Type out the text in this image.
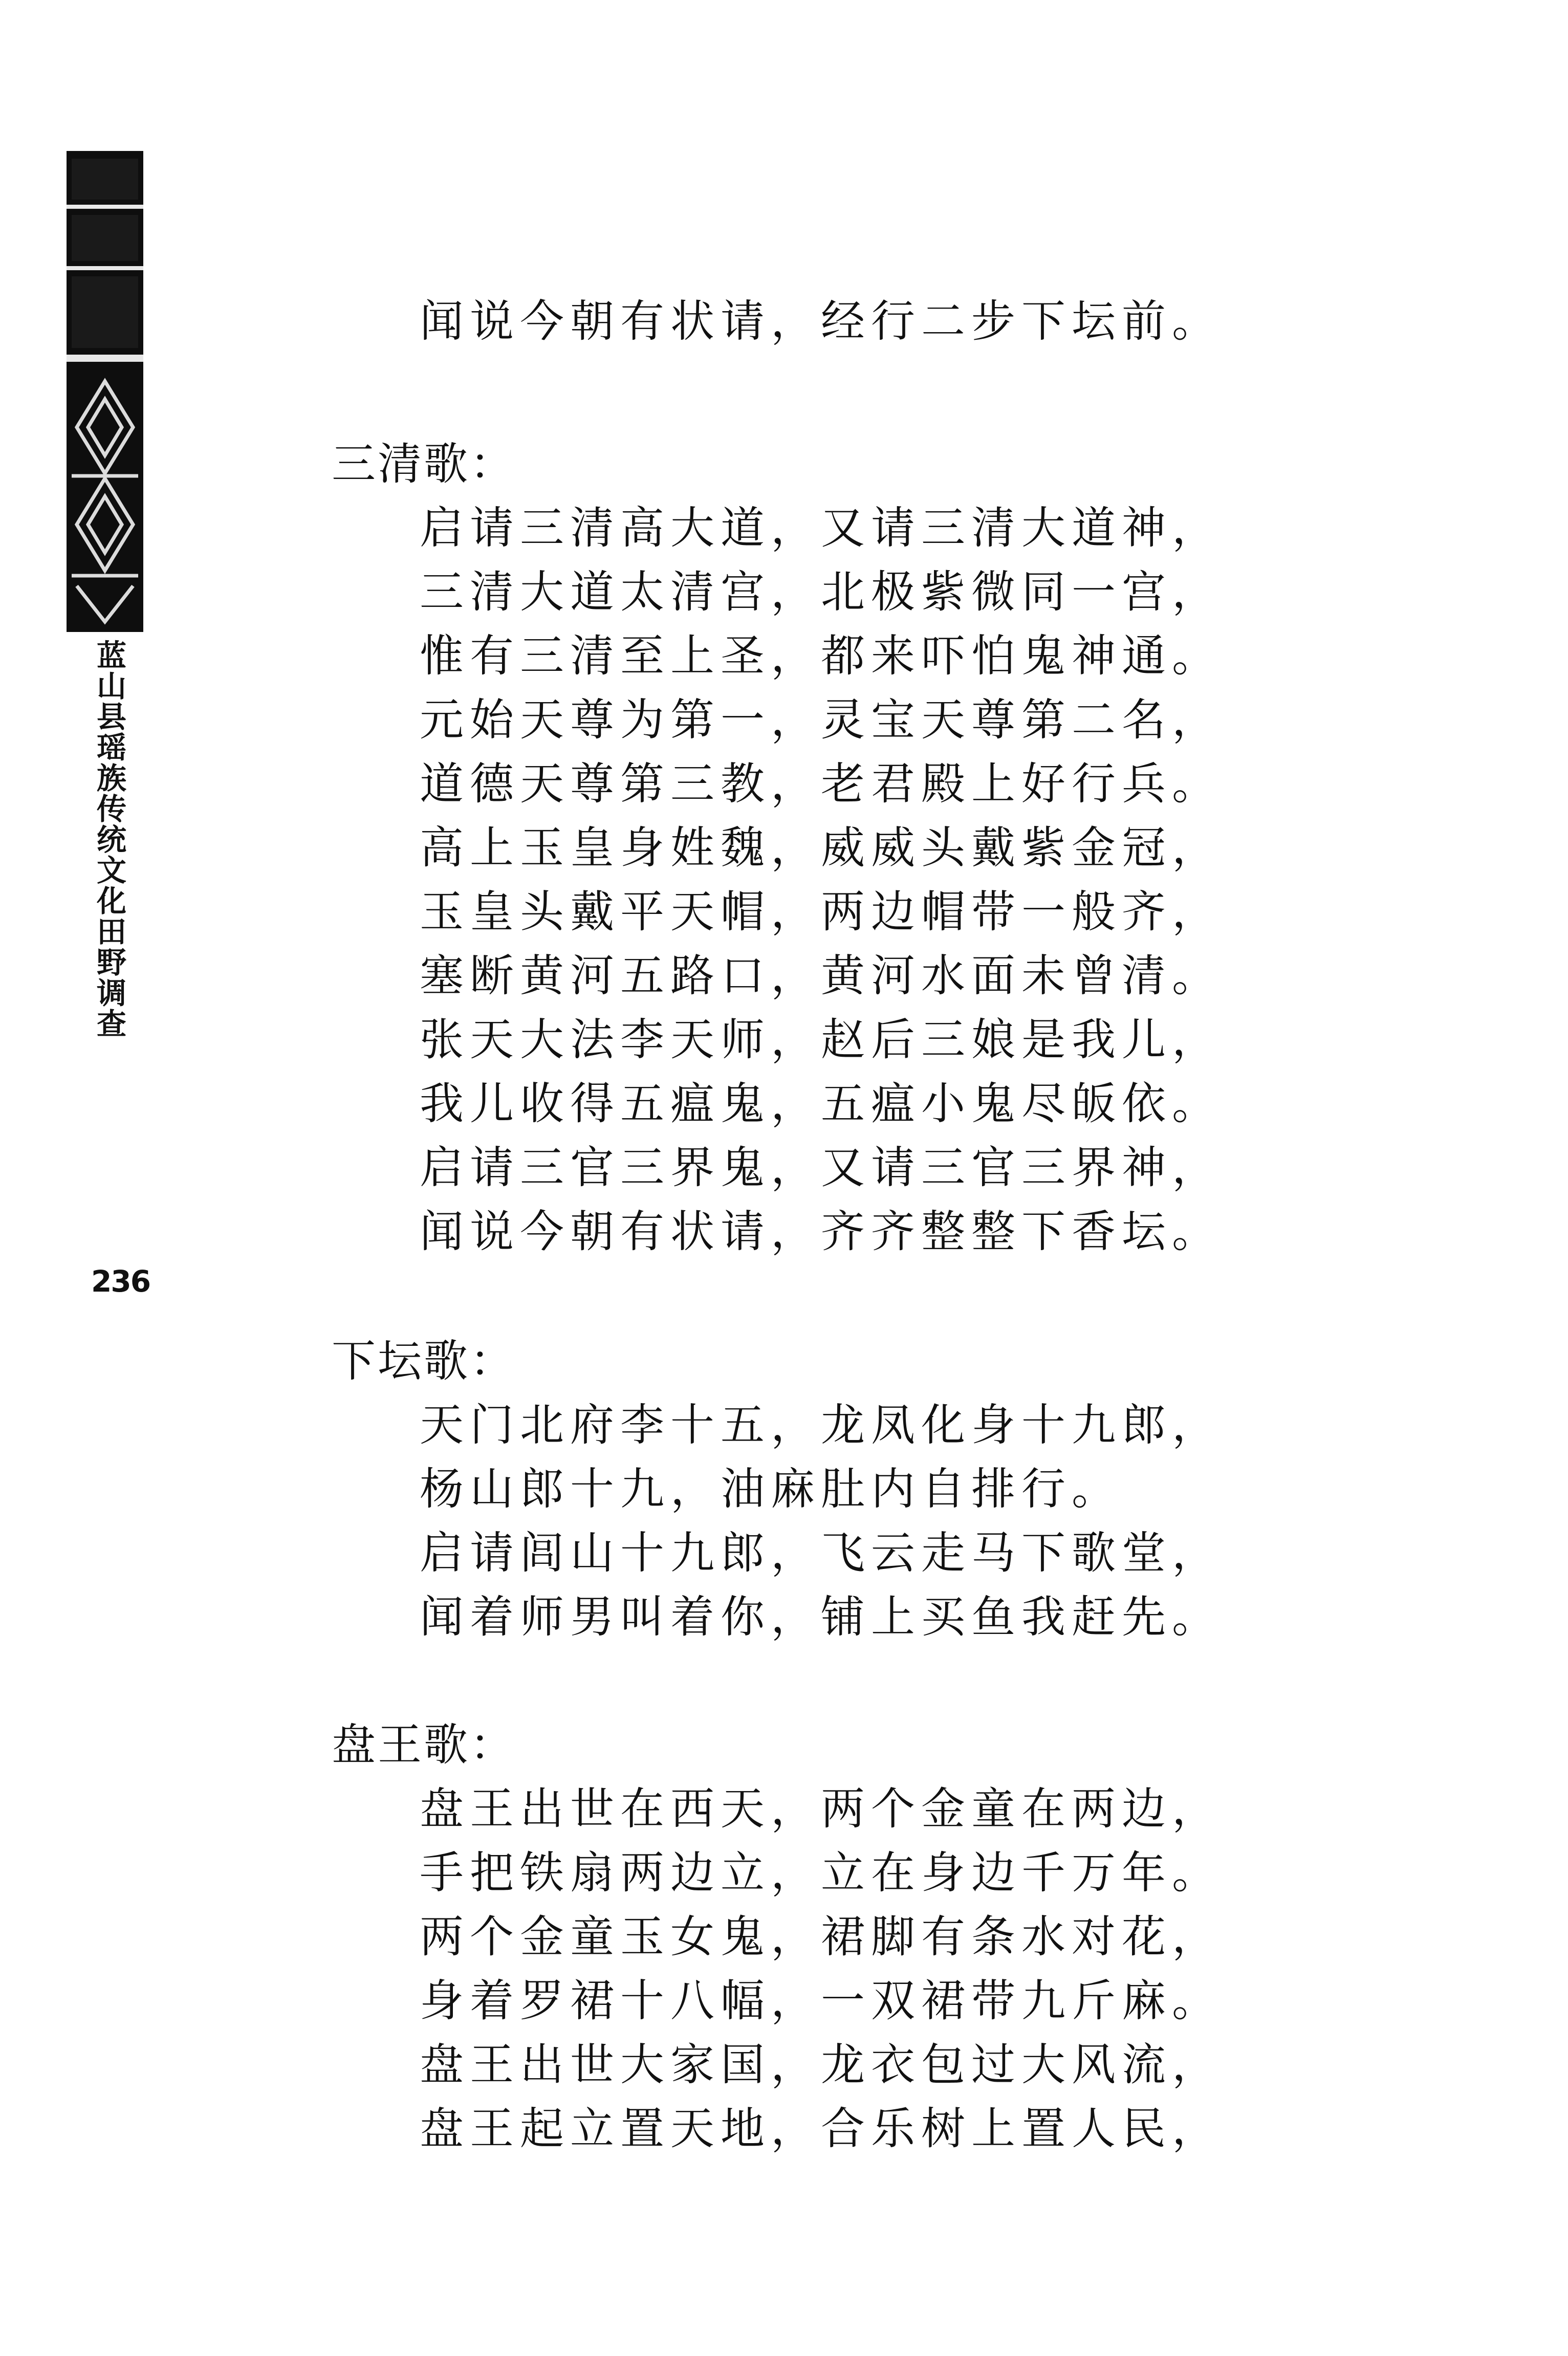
蓝山县瑶族传统文化田野调查
236
闻说今朝有状请，经行二步下坛前。
三清歌：
启请三清高大道，又请三清大道神，
三清大道太清宫，北极紫微同一宫，
惟有三清至上圣，都来吓怕鬼神通。
元始天尊为第一，灵宝天尊第二名，
道德天尊第三教，老君殿上好行兵。
高上玉皇身姓魏，威威头戴紫金冠，
玉皇头戴平天帽，两边帽带一般齐，
塞断黄河五路口，黄河水面未曾清。
张天大法李天师，赵后三娘是我儿，
我儿收得五瘟鬼，五瘟小鬼尽皈依。
启请三官三界鬼，又请三官三界神，
闻说今朝有状请，齐齐整整下香坛。
下坛歌：
天门北府李十五，龙凤化身十九郎，
杨山郎十九，油麻肚内自排行。
启请闾山十九郎，飞云走马下歌堂，
闻着师男叫着你，铺上买鱼我赶先。
盘王歌：
盘王出世在西天，两个金童在两边，
手把铁扇两边立，立在身边千万年。
两个金童玉女鬼，裙脚有条水对花，
身着罗裙十八幅，一双裙带九斤麻。
盘王出世大家国，龙衣包过大风流，
盘王起立置天地，合乐树上置人民，
